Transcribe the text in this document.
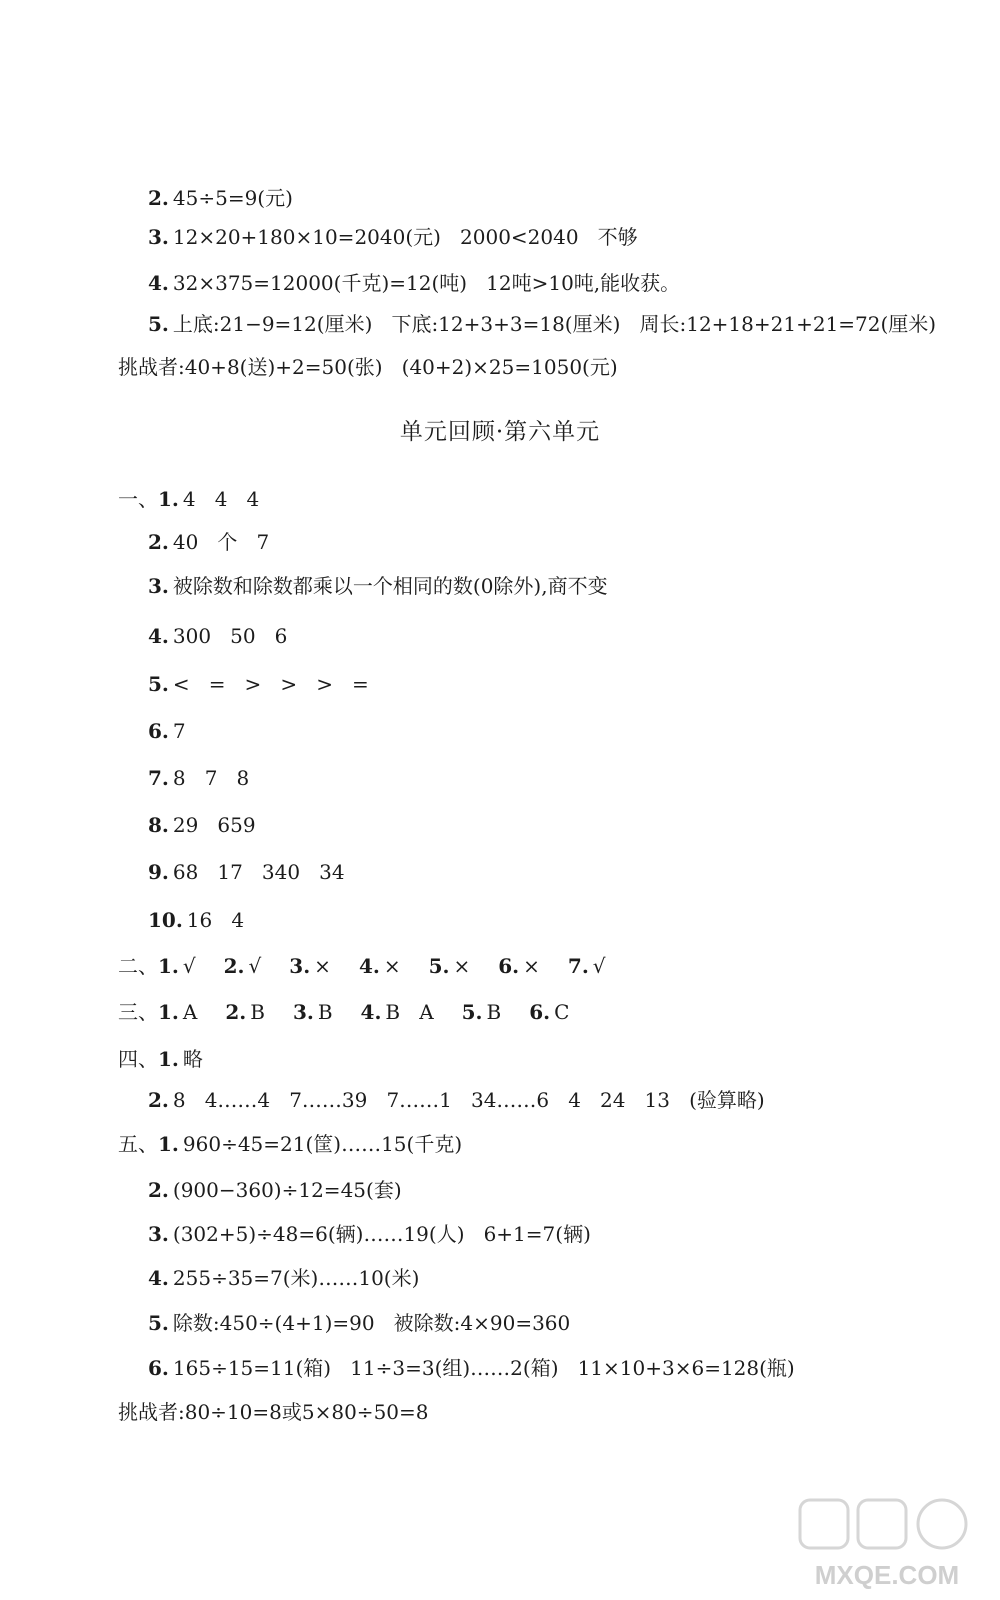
2. 45÷5=9(元)
3. 12×20+180×10=2040(元)   2000<2040   不够
4. 32×375=12000(千克)=12(吨)   12吨>10吨,能收获。
5. 上底:21−9=12(厘米)   下底:12+3+3=18(厘米)   周长:12+18+21+21=72(厘米)
挑战者:40+8(送)+2=50(张)   (40+2)×25=1050(元)
单元回顾·第六单元
一、1. 4   4   4
2. 40   个   7
3. 被除数和除数都乘以一个相同的数(0除外),商不变
4. 300   50   6
5. <   =   >   >   >   =
6. 7
7. 8   7   8
8. 29   659
9. 68   17   340   34
10. 16   4
二、1. √ 2. √ 3. × 4. × 5. × 6. × 7. √
三、1. A 2. B 3. B 4. B   A 5. B 6. C
四、1. 略
2. 8   4……4   7……39   7……1   34……6   4   24   13   (验算略)
五、1. 960÷45=21(筐)……15(千克)
2. (900−360)÷12=45(套)
3. (302+5)÷48=6(辆)……19(人)   6+1=7(辆)
4. 255÷35=7(米)……10(米)
5. 除数:450÷(4+1)=90   被除数:4×90=360
6. 165÷15=11(箱)   11÷3=3(组)……2(箱)   11×10+3×6=128(瓶)
挑战者:80÷10=8或5×80÷50=8
MXQE.COM
